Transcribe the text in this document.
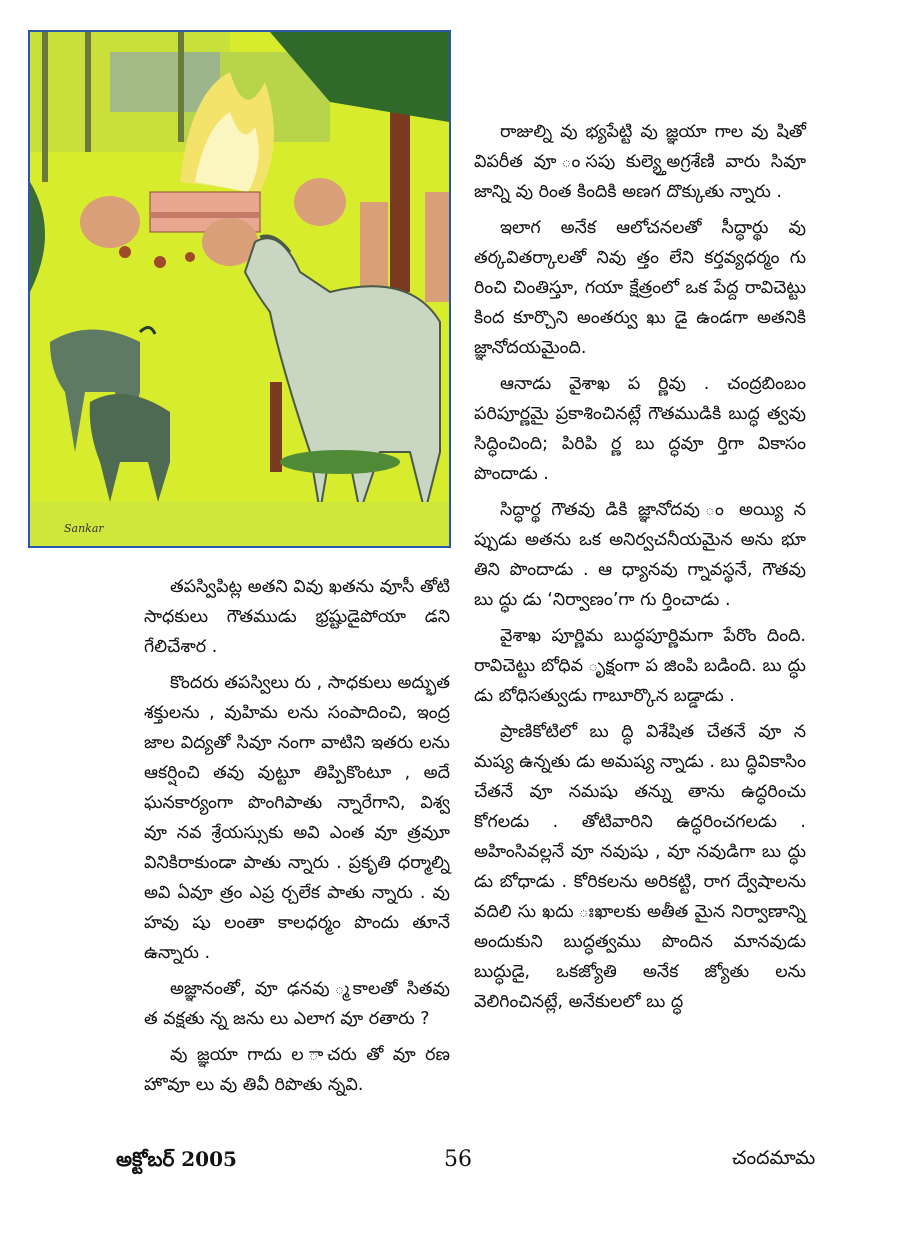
Sankar

తపస్విపిట్ల అతని వివు ఖతను వూసీ తోటి సాధకులు గౌతముడు భ్రష్టుడైపోయా డని గేలిచేశార .

కొందరు తపస్విలు రు , సాధకులు అద్భుత శక్తులను , వుహిమ లను సంపాదించి, ఇంద్ర జాల విద్యతో సివూ నంగా వాటిని ఇతరు లను ఆకర్షించి తవు వుట్టూ తిప్పికొంటూ , అదే ఘనకార్యంగా పొంగిపాతు న్నారేగాని, విశ్వ వూ నవ శ్రేయస్సుకు అవి ఎంత వూ త్రవుూ వినికిరాకుండా పాతు న్నారు . ప్రకృతి ధర్మాల్ని అవి ఏవూ త్రం ఎప్ర ర్చలేక పాతు న్నారు . వు హవు షు లంతా కాలధర్మం పొందు తూనే ఉన్నారు .

అజ్ఞానంతో, వూ ఢనవు ్మకాలతో సితవు త వక్షతు న్న జను లు ఎలాగ వూ రతారు ?

వు జ్ఞయా గాదు ల ాచరు తో వూ రణ హొవూ లు వు తివీ రిపొతు న్నవి.

రాజుల్ని వు భ్యపేట్టి వు జ్ఞయా గాల వు షితో విపరీత వూ ంసపు కుల్య్తెఅగ్రశేణి వారు సివూ జాన్ని వు రింత కిందికి అణగ దొక్కుతు న్నారు .

ఇలాగ అనేక ఆలోచనలతో సీద్ధార్థు వు తర్కవితర్కాలతో నివు త్తం లేని కర్తవ్యధర్మం గు రించి చింతిస్తూ, గయా క్షేత్రంలో ఒక పేద్ద రావిచెట్టు కింద కూర్చొని అంతర్వు ఖు డై ఉండగా అతనికి జ్ఞానోదయమైంది.

ఆనాడు వైశాఖ ప ర్ణివు . చంద్రబింబం పరిపూర్ణమై ప్రకాశించినట్లే గౌతముడికి బుద్ధ త్వవు సిద్ధించింది; పిరిపి ర్ణ బు ద్ధవూ ర్తిగా వికాసం పొందాడు .

సిద్ధార్థ గౌతవు డికి జ్ఞానోదవు ం అయ్యి న ప్పుడు అతను ఒక అనిర్వచనీయమైన అను భూ తిని పొందాడు . ఆ ధ్యానవు గ్నావస్థనే, గౌతవు బు ద్ధు డు ‘నిర్వాణం’గా గు ర్తించాడు .

వైశాఖ పూర్ణిమ బుద్ధపూర్ణిమగా పేరొం దింది. రావిచెట్టు బోధివ ృక్షంగా ప జింపి బడింది. బు ద్ధు డు బోధిసత్వుడు గాబూర్కొన బడ్డాడు .

ప్రాణికోటిలో బు ద్ధి విశేషిత చేతనే వూ న మష్య ఉన్నతు డు అమష్య న్నాడు . బు ద్ధివికాసిం చేతనే వూ నమషు తన్ను తాను ఉద్ధరించు కోగలడు . తోటివారిని ఉద్ధరించగలడు . అహింసివల్లనే వూ నవుషు , వూ నవుడిగా బు ద్ధు డు బోధాడు . కోరికలను అరికట్టి, రాగ ద్వేషాలను వదిలి సు ఖదు ఃఖాలకు అతీత మైన నిర్వాణాన్ని అందుకుని బుద్ధత్వము పొందిన మానవుడు బుద్ధుడై, ఒకజ్యోతి అనేక జ్యోతు లను వెలిగించినట్లే, అనేకులలో బు ద్ధ

అక్టోబర్ 2005	56	చందమామ
